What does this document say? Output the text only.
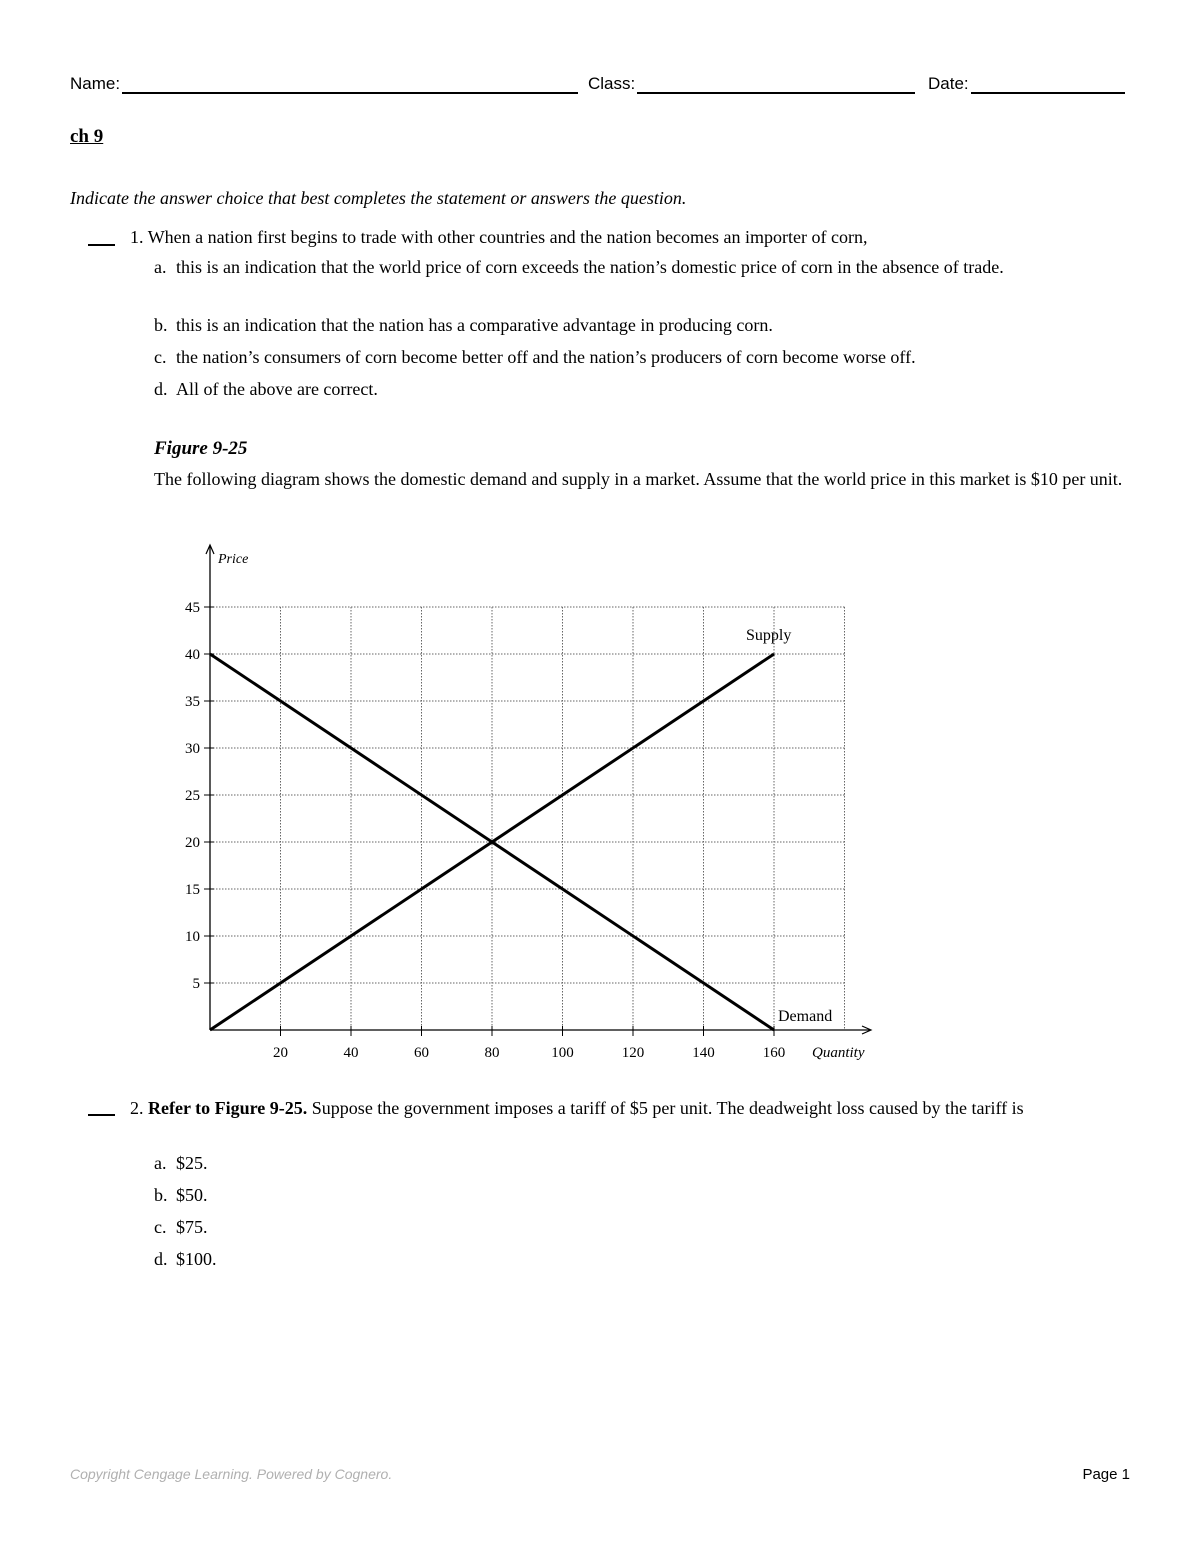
Name:	Class:	Date:
ch 9
Indicate the answer choice that best completes the statement or answers the question.
1. When a nation first begins to trade with other countries and the nation becomes an importer of corn,
a. this is an indication that the world price of corn exceeds the nation’s domestic price of corn in the absence of trade.
b. this is an indication that the nation has a comparative advantage in producing corn.
c. the nation’s consumers of corn become better off and the nation’s producers of corn become worse off.
d. All of the above are correct.
Figure 9-25
The following diagram shows the domestic demand and supply in a market. Assume that the world price in this market is $10 per unit.
5
10
15
20
25
30
35
40
45
20	40	60	80	100	120	140	160
Price
Quantity
Supply
Demand
2. Refer to Figure 9-25. Suppose the government imposes a tariff of $5 per unit. The deadweight loss caused by the tariff is
a. $25.
b. $50.
c. $75.
d. $100.
Copyright Cengage Learning. Powered by Cognero.	Page 1
